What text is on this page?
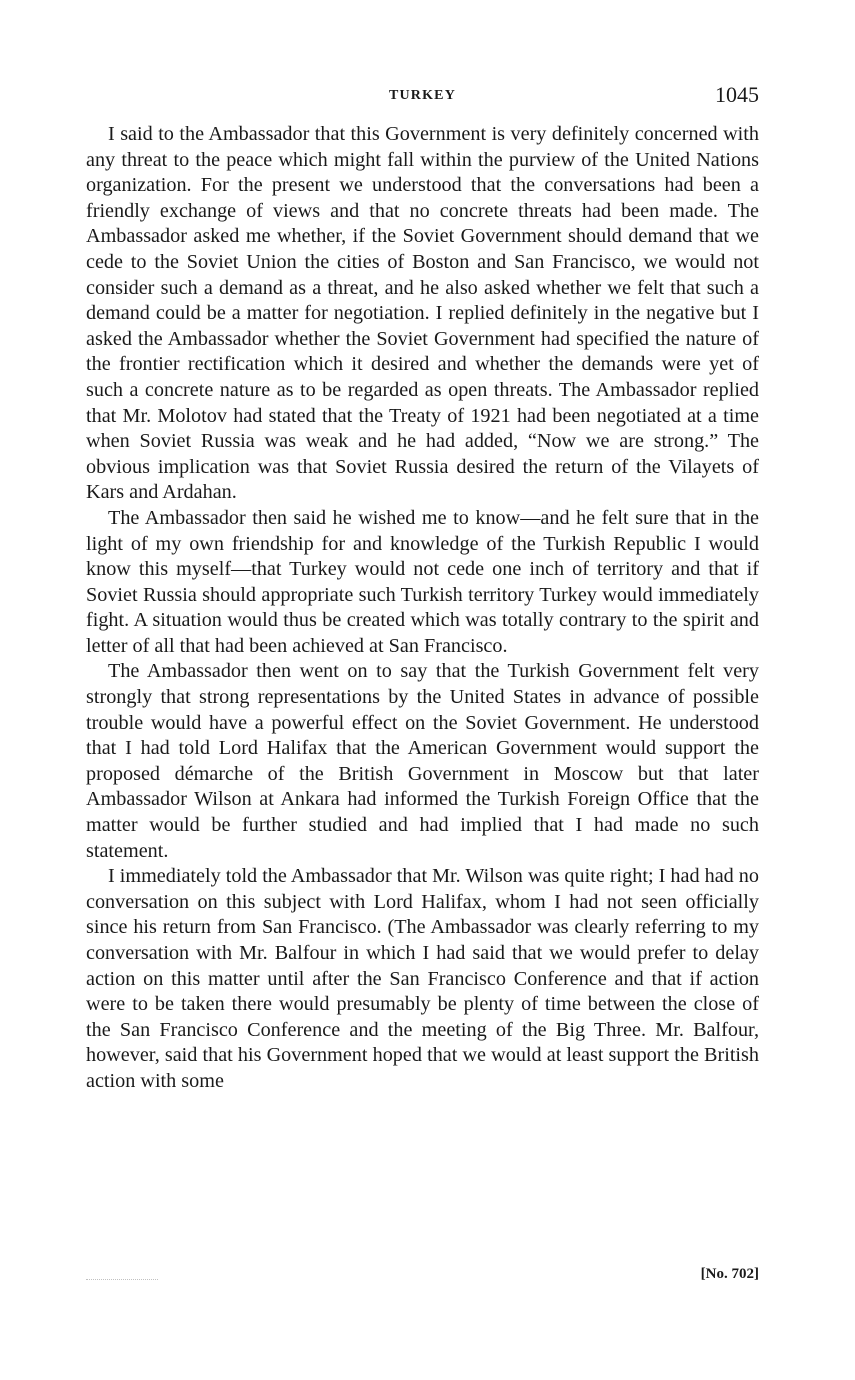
TURKEY	1045

I said to the Ambassador that this Government is very definitely concerned with any threat to the peace which might fall within the purview of the United Nations organization. For the present we understood that the conversations had been a friendly exchange of views and that no concrete threats had been made. The Ambassador asked me whether, if the Soviet Government should demand that we cede to the Soviet Union the cities of Boston and San Francisco, we would not consider such a demand as a threat, and he also asked whether we felt that such a demand could be a matter for negotiation. I replied definitely in the negative but I asked the Ambassador whether the Soviet Government had specified the nature of the frontier rectification which it desired and whether the demands were yet of such a concrete nature as to be regarded as open threats. The Ambassador replied that Mr. Molotov had stated that the Treaty of 1921 had been negotiated at a time when Soviet Russia was weak and he had added, “Now we are strong.” The obvious implication was that Soviet Russia desired the return of the Vilayets of Kars and Ardahan.

The Ambassador then said he wished me to know—and he felt sure that in the light of my own friendship for and knowledge of the Turkish Republic I would know this myself—that Turkey would not cede one inch of territory and that if Soviet Russia should appropriate such Turkish territory Turkey would immediately fight. A situation would thus be created which was totally contrary to the spirit and letter of all that had been achieved at San Francisco.

The Ambassador then went on to say that the Turkish Government felt very strongly that strong representations by the United States in advance of possible trouble would have a powerful effect on the Soviet Government. He understood that I had told Lord Halifax that the American Government would support the proposed démarche of the British Government in Moscow but that later Ambassador Wilson at Ankara had informed the Turkish Foreign Office that the matter would be further studied and had implied that I had made no such statement.

I immediately told the Ambassador that Mr. Wilson was quite right; I had had no conversation on this subject with Lord Halifax, whom I had not seen officially since his return from San Francisco. (The Ambassador was clearly referring to my conversation with Mr. Balfour in which I had said that we would prefer to delay action on this matter until after the San Francisco Conference and that if action were to be taken there would presumably be plenty of time between the close of the San Francisco Conference and the meeting of the Big Three. Mr. Balfour, however, said that his Government hoped that we would at least support the British action with some

[No. 702]
